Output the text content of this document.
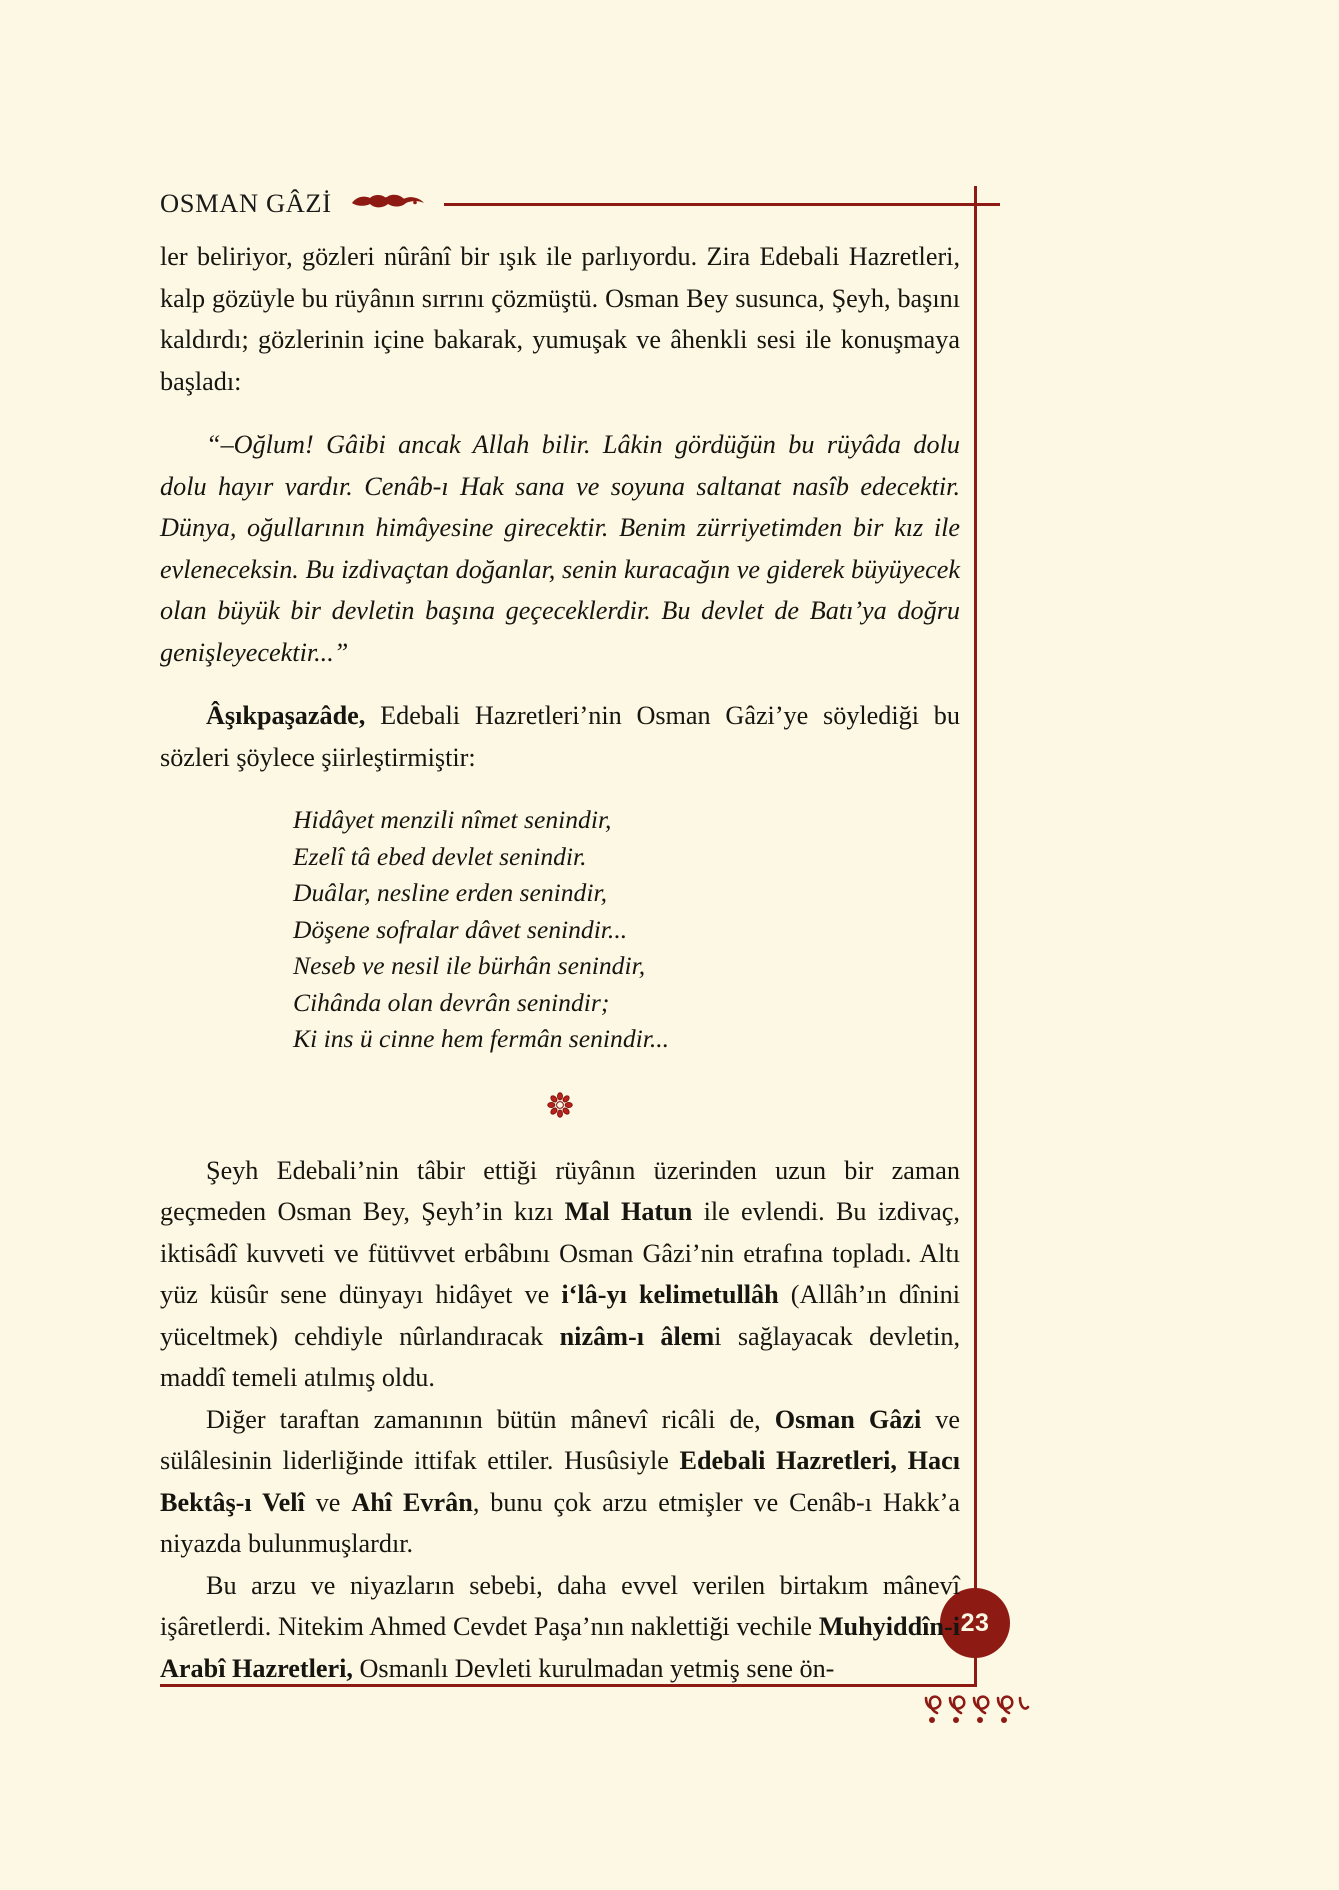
OSMAN GÂZİ
23

ler beliriyor, gözleri nûrânî bir ışık ile parlıyordu. Zira Edebali Hazretleri, kalp gözüyle bu rüyânın sırrını çözmüştü. Osman Bey susunca, Şeyh, başını kaldırdı; gözlerinin içine bakarak, yumuşak ve âhenkli sesi ile konuşmaya başladı:

“–Oğlum! Gâibi ancak Allah bilir. Lâkin gördüğün bu rüyâda dolu dolu hayır vardır. Cenâb-ı Hak sana ve soyuna saltanat nasîb edecektir. Dünya, oğullarının himâyesine girecektir. Benim zürriyetimden bir kız ile evleneceksin. Bu izdivaçtan doğanlar, senin kuracağın ve giderek büyüyecek olan büyük bir devletin başına geçeceklerdir. Bu devlet de Batı’ya doğru genişleyecektir...”

Âşıkpaşazâde, Edebali Hazretleri’nin Osman Gâzi’ye söylediği bu sözleri şöylece şiirleştirmiştir:

Hidâyet menzili nîmet senindir,
Ezelî tâ ebed devlet senindir.
Duâlar, nesline erden senindir,
Döşene sofralar dâvet senindir...
Neseb ve nesil ile bürhân senindir,
Cihânda olan devrân senindir;
Ki ins ü cinne hem fermân senindir...

Şeyh Edebali’nin tâbir ettiği rüyânın üzerinden uzun bir zaman geçmeden Osman Bey, Şeyh’in kızı Mal Hatun ile evlendi. Bu izdivaç, iktisâdî kuvveti ve fütüvvet erbâbını Osman Gâzi’nin etrafına topladı. Altı yüz küsûr sene dünyayı hidâyet ve i‘lâ-yı kelimetullâh (Allâh’ın dînini yüceltmek) cehdiyle nûrlandıracak nizâm-ı âlemi sağlayacak devletin, maddî temeli atılmış oldu.

Diğer taraftan zamanının bütün mânevî ricâli de, Osman Gâzi ve sülâlesinin liderliğinde ittifak ettiler. Husûsiyle Edebali Hazretleri, Hacı Bektâş-ı Velî ve Ahî Evrân, bunu çok arzu etmişler ve Cenâb-ı Hakk’a niyazda bulunmuşlardır.

Bu arzu ve niyazların sebebi, daha evvel verilen birtakım mânevî işâretlerdi. Nitekim Ahmed Cevdet Paşa’nın naklettiği vechile Muhyiddîn-i Arabî Hazretleri, Osmanlı Devleti kurulmadan yetmiş sene ön-
